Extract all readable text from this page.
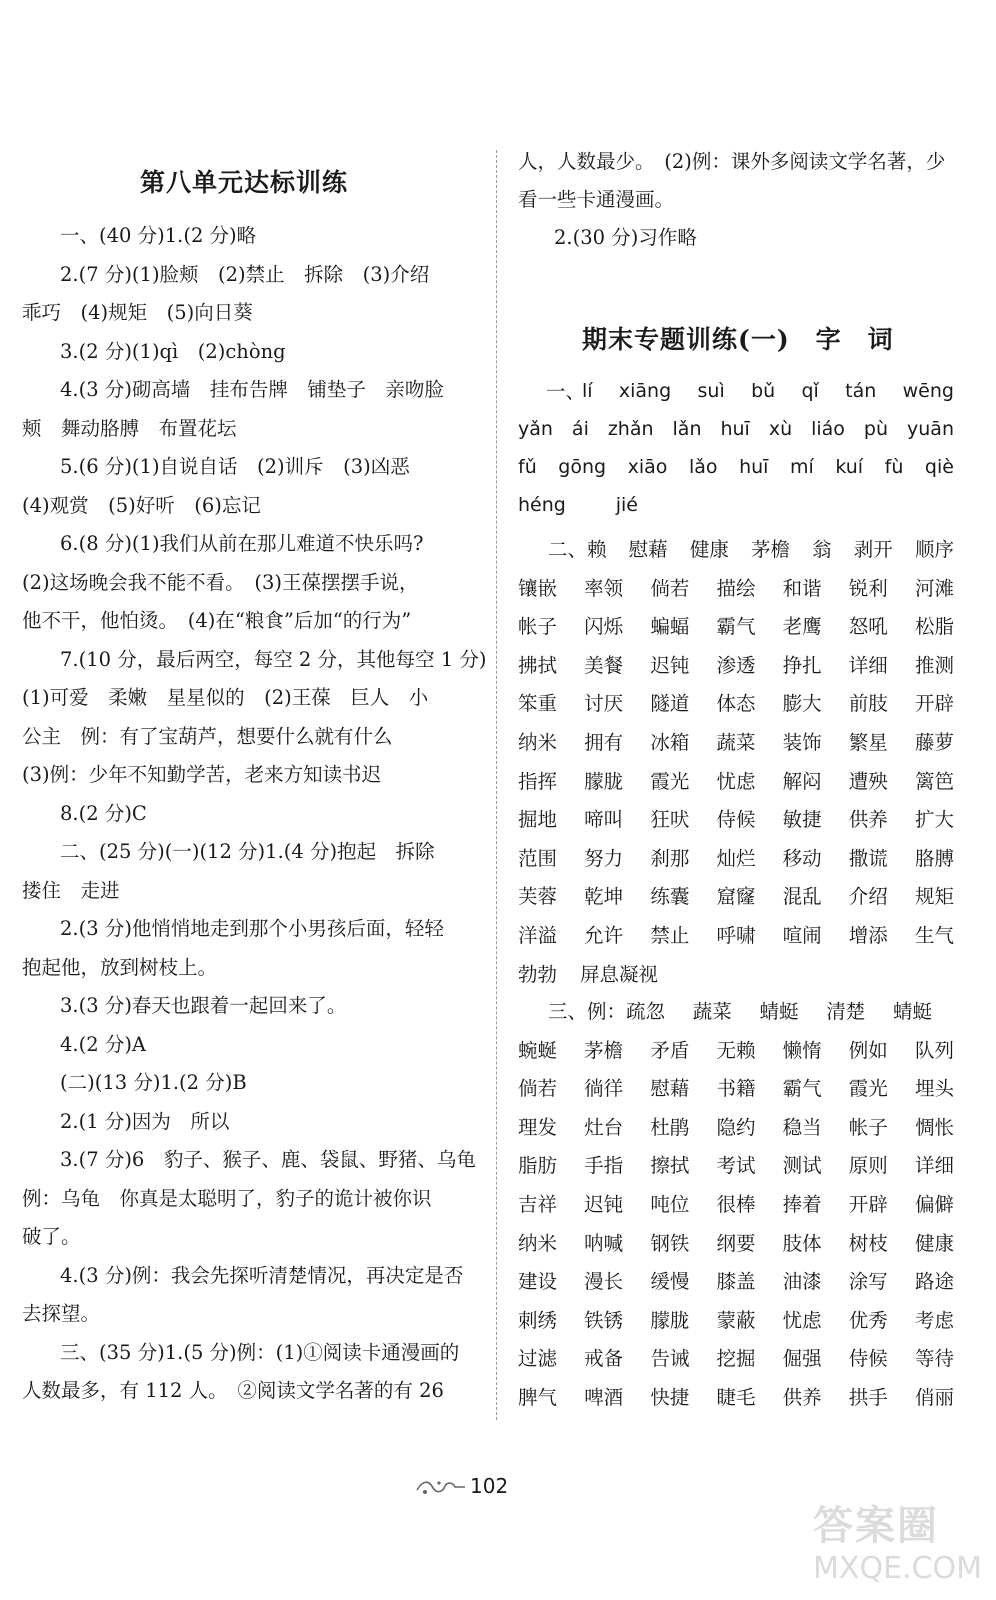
第八单元达标训练
一、(40 分)1.(2 分)略
2.(7 分)(1)脸颊　(2)禁止　拆除　(3)介绍
乖巧　(4)规矩　(5)向日葵
3.(2 分)(1)qì　(2)chòng
4.(3 分)砌高墙　挂布告牌　铺垫子　亲吻脸
颊　舞动胳膊　布置花坛
5.(6 分)(1)自说自话　(2)训斥　(3)凶恶
(4)观赏　(5)好听　(6)忘记
6.(8 分)(1)我们从前在那儿难道不快乐吗?
(2)这场晚会我不能不看。　(3)王葆摆摆手说，
他不干，他怕烫。　(4)在“粮食”后加“的行为”
7.(10 分，最后两空，每空 2 分，其他每空 1 分)
(1)可爱　柔嫩　星星似的　(2)王葆　巨人　小
公主　例：有了宝葫芦，想要什么就有什么
(3)例：少年不知勤学苦，老来方知读书迟
8.(2 分)C
二、(25 分)(一)(12 分)1.(4 分)抱起　拆除
搂住　走进
2.(3 分)他悄悄地走到那个小男孩后面，轻轻
抱起他，放到树枝上。
3.(3 分)春天也跟着一起回来了。
4.(2 分)A
(二)(13 分)1.(2 分)B
2.(1 分)因为　所以
3.(7 分)6　豹子、猴子、鹿、袋鼠、野猪、乌龟
例：乌龟　你真是太聪明了，豹子的诡计被你识
破了。
4.(3 分)例：我会先探听清楚情况，再决定是否
去探望。
三、(35 分)1.(5 分)例：(1)①阅读卡通漫画的
人数最多，有 112 人。　②阅读文学名著的有 26
人，人数最少。　(2)例：课外多阅读文学名著，少
看一些卡通漫画。
2.(30 分)习作略
期末专题训练(一)　字　词
一、
lí xiāng suì bǔ qǐ tán wēng
yǎn ái zhǎn lǎn huī xù liáo pù yuān
fǔ gōng xiāo lǎo huī mí kuí fù qiè
héng	jié
二、赖 慰藉 健康 茅檐 翁 剥开 顺序
镶嵌 率领 倘若 描绘 和谐 锐利 河滩
帐子 闪烁 蝙蝠 霸气 老鹰 怒吼 松脂
拂拭 美餐 迟钝 渗透 挣扎 详细 推测
笨重 讨厌 隧道 体态 膨大 前肢 开辟
纳米 拥有 冰箱 蔬菜 装饰 繁星 藤萝
指挥 朦胧 霞光 忧虑 解闷 遭殃 篱笆
掘地 啼叫 狂吠 侍候 敏捷 供养 扩大
范围 努力 刹那 灿烂 移动 撒谎 胳膊
芙蓉 乾坤 练囊 窟窿 混乱 介绍 规矩
洋溢 允许 禁止 呼啸 喧闹 增添 生气
勃勃 屏息凝视
三、例：疏忽 蔬菜 蜻蜓 清楚 蜻蜓
蜿蜒 茅檐 矛盾 无赖 懒惰 例如 队列
倘若 徜徉 慰藉 书籍 霸气 霞光 埋头
理发 灶台 杜鹃 隐约 稳当 帐子 惆怅
脂肪 手指 擦拭 考试 测试 原则 详细
吉祥 迟钝 吨位 很棒 捧着 开辟 偏僻
纳米 呐喊 钢铁 纲要 肢体 树枝 健康
建设 漫长 缓慢 膝盖 油漆 涂写 路途
刺绣 铁锈 朦胧 蒙蔽 忧虑 优秀 考虑
过滤 戒备 告诫 挖掘 倔强 侍候 等待
脾气 啤酒 快捷 睫毛 供养 拱手 俏丽
102
答案圈
MXQE.COM
